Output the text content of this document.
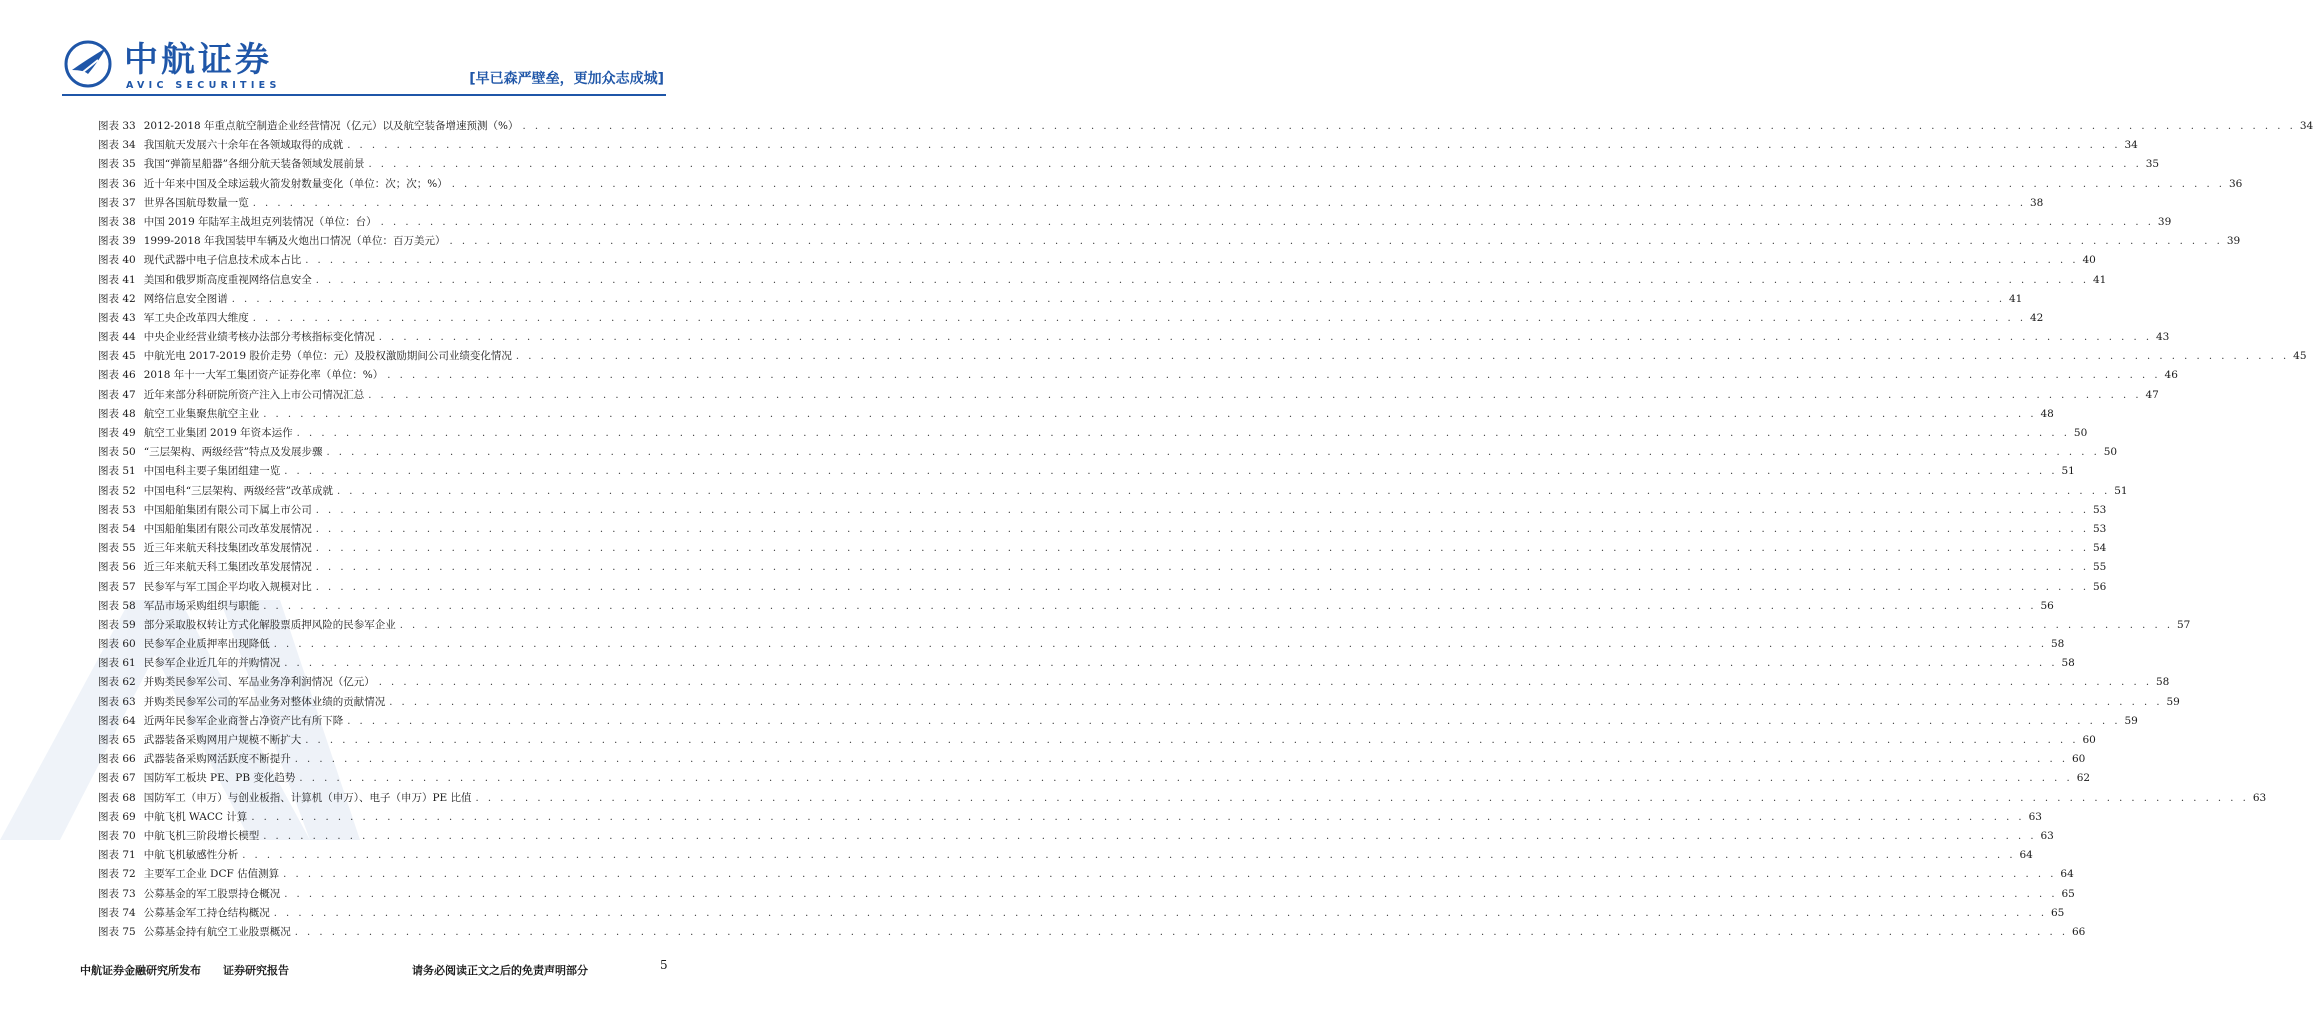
中航证券
AVIC SECURITIES	[早已森严壁垒，更加众志成城]
图表 33 2012-2018 年重点航空制造企业经营情况（亿元）以及航空装备增速预测（%） . . .	34
图表 34 我国航天发展六十余年在各领域取得的成就 . . .	34
图表 35 我国“弹箭星船器”各细分航天装备领域发展前景 . . .	35
图表 36 近十年来中国及全球运载火箭发射数量变化（单位：次；次；%） . . .	36
图表 37 世界各国航母数量一览 . . .	38
图表 38 中国 2019 年陆军主战坦克列装情况（单位：台） . . .	39
图表 39 1999-2018 年我国装甲车辆及火炮出口情况（单位：百万美元） . . .	39
图表 40 现代武器中电子信息技术成本占比 . . .	40
图表 41 美国和俄罗斯高度重视网络信息安全 . . .	41
图表 42 网络信息安全图谱 . . .	41
图表 43 军工央企改革四大维度 . . .	42
图表 44 中央企业经营业绩考核办法部分考核指标变化情况 . . .	43
图表 45 中航光电 2017-2019 股价走势（单位：元）及股权激励期间公司业绩变化情况 . . .	45
图表 46 2018 年十一大军工集团资产证券化率（单位：%） . . .	46
图表 47 近年来部分科研院所资产注入上市公司情况汇总 . . .	47
图表 48 航空工业集聚焦航空主业 . . .	48
图表 49 航空工业集团 2019 年资本运作 . . .	50
图表 50 “三层架构、两级经营”特点及发展步骤 . . .	50
图表 51 中国电科主要子集团组建一览 . . .	51
图表 52 中国电科“三层架构、两级经营”改革成就 . . .	51
图表 53 中国船舶集团有限公司下属上市公司 . . .	53
图表 54 中国船舶集团有限公司改革发展情况 . . .	53
图表 55 近三年来航天科技集团改革发展情况 . . .	54
图表 56 近三年来航天科工集团改革发展情况 . . .	55
图表 57 民参军与军工国企平均收入规模对比 . . .	56
图表 58 军品市场采购组织与职能 . . .	56
图表 59 部分采取股权转让方式化解股票质押风险的民参军企业 . . .	57
图表 60 民参军企业质押率出现降低 . . .	58
图表 61 民参军企业近几年的并购情况 . . .	58
图表 62 并购类民参军公司、军品业务净利润情况（亿元） . . .	58
图表 63 并购类民参军公司的军品业务对整体业绩的贡献情况 . . .	59
图表 64 近两年民参军企业商誉占净资产比有所下降 . . .	59
图表 65 武器装备采购网用户规模不断扩大 . . .	60
图表 66 武器装备采购网活跃度不断提升 . . .	60
图表 67 国防军工板块 PE、PB 变化趋势 . . .	62
图表 68 国防军工（申万）与创业板指、计算机（申万）、电子（申万）PE 比值 . . .	63
图表 69 中航飞机 WACC 计算 . . .	63
图表 70 中航飞机三阶段增长模型 . . .	63
图表 71 中航飞机敏感性分析 . . .	64
图表 72 主要军工企业 DCF 估值测算 . . .	64
图表 73 公募基金的军工股票持仓概况 . . .	65
图表 74 公募基金军工持仓结构概况 . . .	65
图表 75 公募基金持有航空工业股票概况 . . .	66
中航证券金融研究所发布　　证券研究报告	请务必阅读正文之后的免责声明部分	5
